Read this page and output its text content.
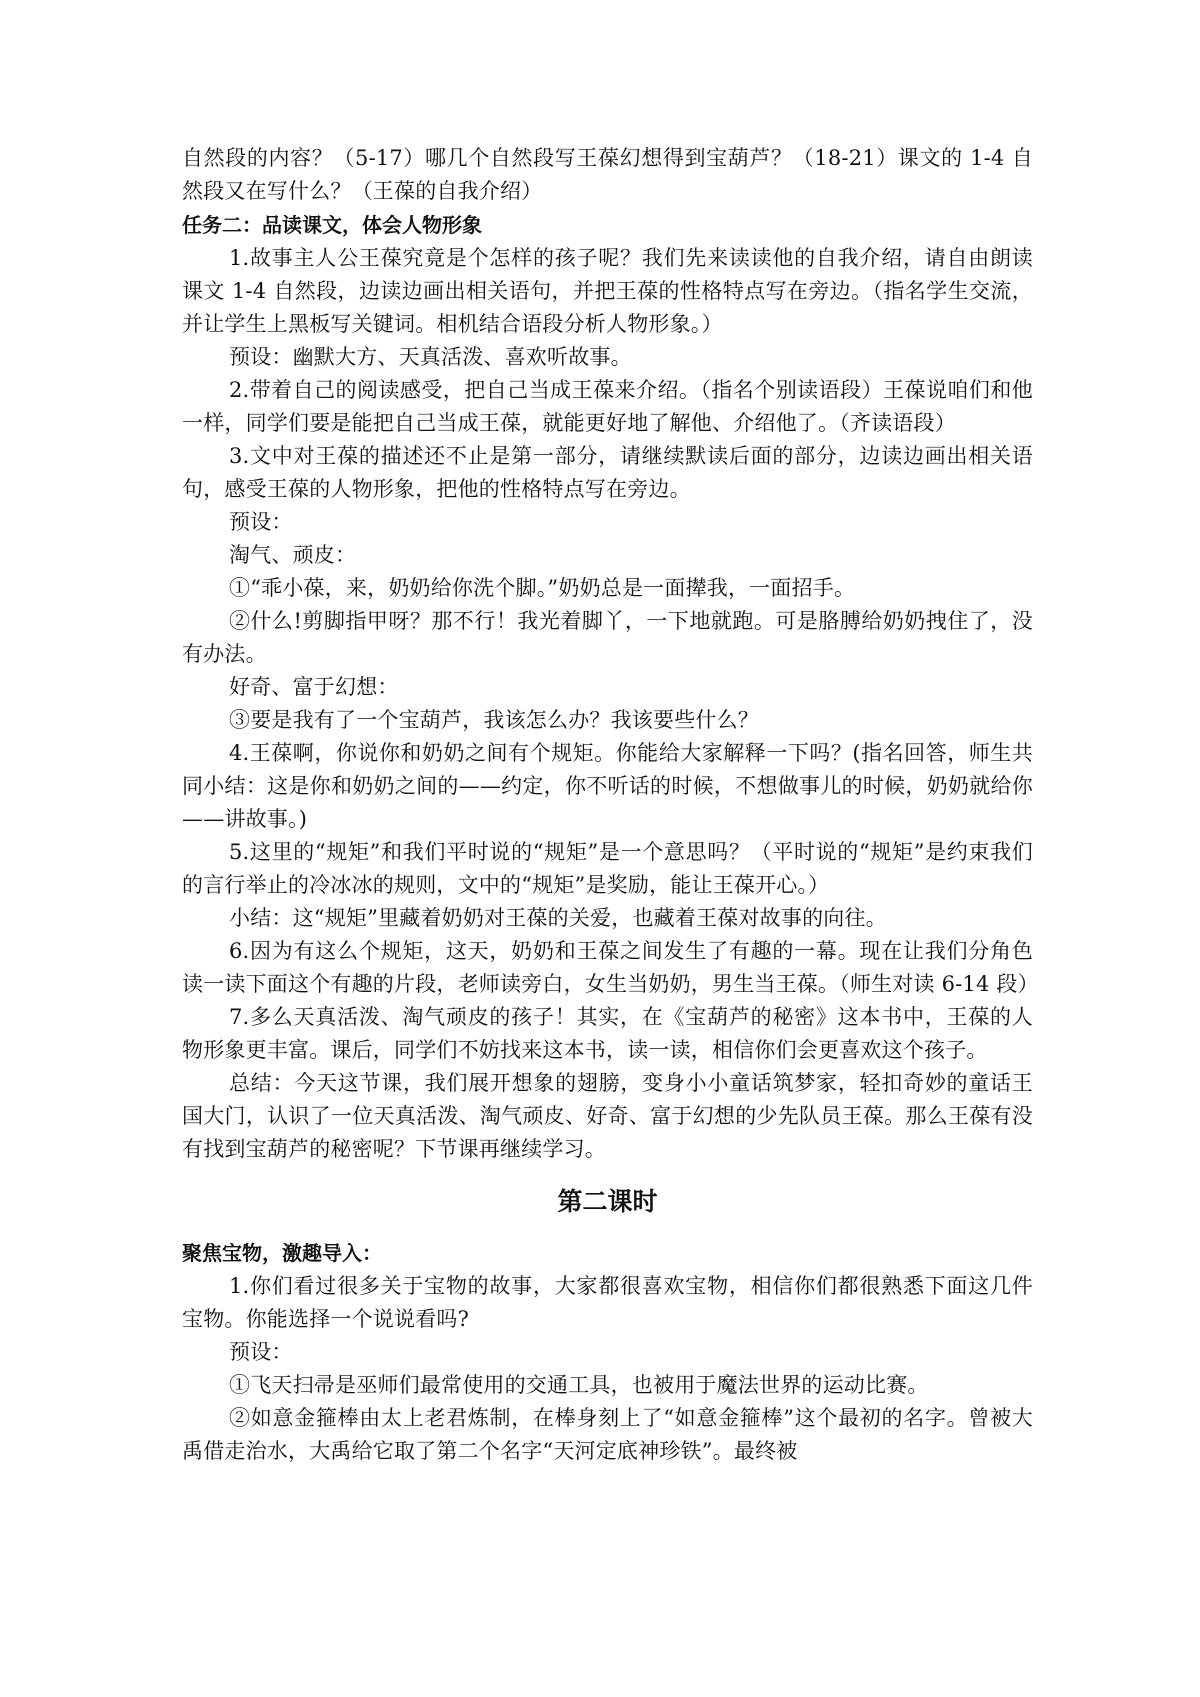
自然段的内容？（5-17）哪几个自然段写王葆幻想得到宝葫芦？（18-21）课文的 1-4 自然段又在写什么？（王葆的自我介绍）

任务二：品读课文，体会人物形象

1.故事主人公王葆究竟是个怎样的孩子呢？我们先来读读他的自我介绍，请自由朗读课文 1-4 自然段，边读边画出相关语句，并把王葆的性格特点写在旁边。（指名学生交流，并让学生上黑板写关键词。相机结合语段分析人物形象。）

预设：幽默大方、天真活泼、喜欢听故事。

2.带着自己的阅读感受，把自己当成王葆来介绍。（指名个别读语段）王葆说咱们和他一样，同学们要是能把自己当成王葆，就能更好地了解他、介绍他了。（齐读语段）

3.文中对王葆的描述还不止是第一部分，请继续默读后面的部分，边读边画出相关语句，感受王葆的人物形象，把他的性格特点写在旁边。

预设：

淘气、顽皮：

①“乖小葆，来，奶奶给你洗个脚。”奶奶总是一面撵我，一面招手。

②什么!剪脚指甲呀？那不行！我光着脚丫，一下地就跑。可是胳膊给奶奶拽住了，没有办法。

好奇、富于幻想：

③要是我有了一个宝葫芦，我该怎么办？我该要些什么？

4.王葆啊，你说你和奶奶之间有个规矩。你能给大家解释一下吗？(指名回答，师生共同小结：这是你和奶奶之间的——约定，你不听话的时候，不想做事儿的时候，奶奶就给你——讲故事。)

5.这里的“规矩”和我们平时说的“规矩”是一个意思吗？（平时说的“规矩”是约束我们的言行举止的冷冰冰的规则，文中的“规矩”是奖励，能让王葆开心。）

小结：这“规矩”里藏着奶奶对王葆的关爱，也藏着王葆对故事的向往。

6.因为有这么个规矩，这天，奶奶和王葆之间发生了有趣的一幕。现在让我们分角色读一读下面这个有趣的片段，老师读旁白，女生当奶奶，男生当王葆。（师生对读 6-14 段）

7.多么天真活泼、淘气顽皮的孩子！其实，在《宝葫芦的秘密》这本书中，王葆的人物形象更丰富。课后，同学们不妨找来这本书，读一读，相信你们会更喜欢这个孩子。

总结：今天这节课，我们展开想象的翅膀，变身小小童话筑梦家，轻扣奇妙的童话王国大门，认识了一位天真活泼、淘气顽皮、好奇、富于幻想的少先队员王葆。那么王葆有没有找到宝葫芦的秘密呢？下节课再继续学习。

第二课时

聚焦宝物，激趣导入：

1.你们看过很多关于宝物的故事，大家都很喜欢宝物，相信你们都很熟悉下面这几件宝物。你能选择一个说说看吗?

预设：

①飞天扫帚是巫师们最常使用的交通工具，也被用于魔法世界的运动比赛。

②如意金箍棒由太上老君炼制，在棒身刻上了“如意金箍棒”这个最初的名字。曾被大禹借走治水，大禹给它取了第二个名字“天河定底神珍铁”。最终被
